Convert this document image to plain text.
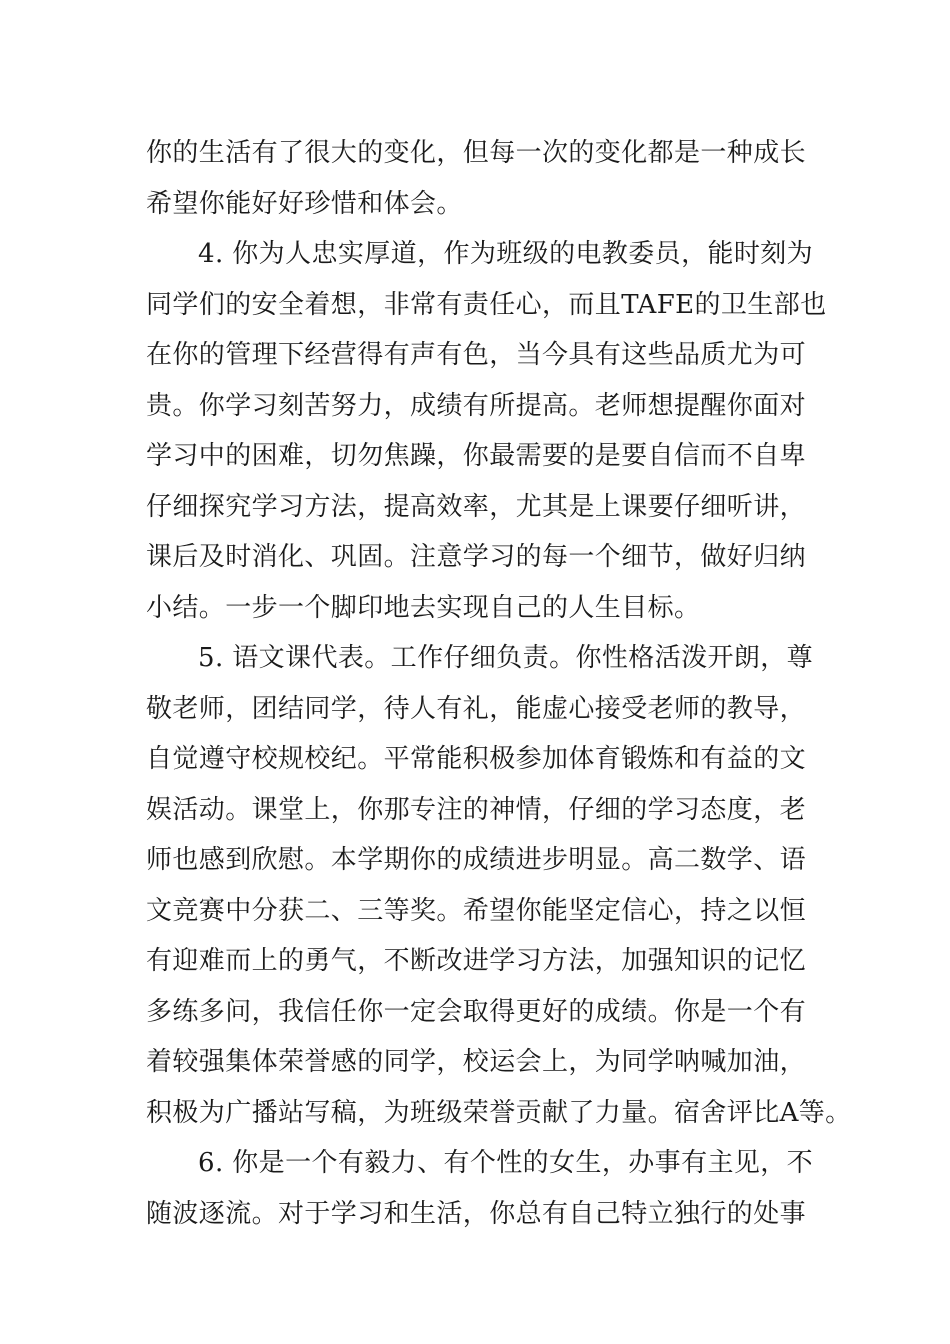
你的生活有了很大的变化，但每一次的变化都是一种成长
希望你能好好珍惜和体会。
4. 你为人忠实厚道，作为班级的电教委员，能时刻为
同学们的安全着想，非常有责任心，而且TAFE的卫生部也
在你的管理下经营得有声有色，当今具有这些品质尤为可
贵。你学习刻苦努力，成绩有所提高。老师想提醒你面对
学习中的困难，切勿焦躁，你最需要的是要自信而不自卑
仔细探究学习方法，提高效率，尤其是上课要仔细听讲，
课后及时消化、巩固。注意学习的每一个细节，做好归纳
小结。一步一个脚印地去实现自己的人生目标。
5. 语文课代表。工作仔细负责。你性格活泼开朗，尊
敬老师，团结同学，待人有礼，能虚心接受老师的教导，
自觉遵守校规校纪。平常能积极参加体育锻炼和有益的文
娱活动。课堂上，你那专注的神情，仔细的学习态度，老
师也感到欣慰。本学期你的成绩进步明显。高二数学、语
文竞赛中分获二、三等奖。希望你能坚定信心，持之以恒
有迎难而上的勇气，不断改进学习方法，加强知识的记忆
多练多问，我信任你一定会取得更好的成绩。你是一个有
着较强集体荣誉感的同学，校运会上，为同学呐喊加油，
积极为广播站写稿，为班级荣誉贡献了力量。宿舍评比A等。
6. 你是一个有毅力、有个性的女生，办事有主见，不
随波逐流。对于学习和生活，你总有自己特立独行的处事
